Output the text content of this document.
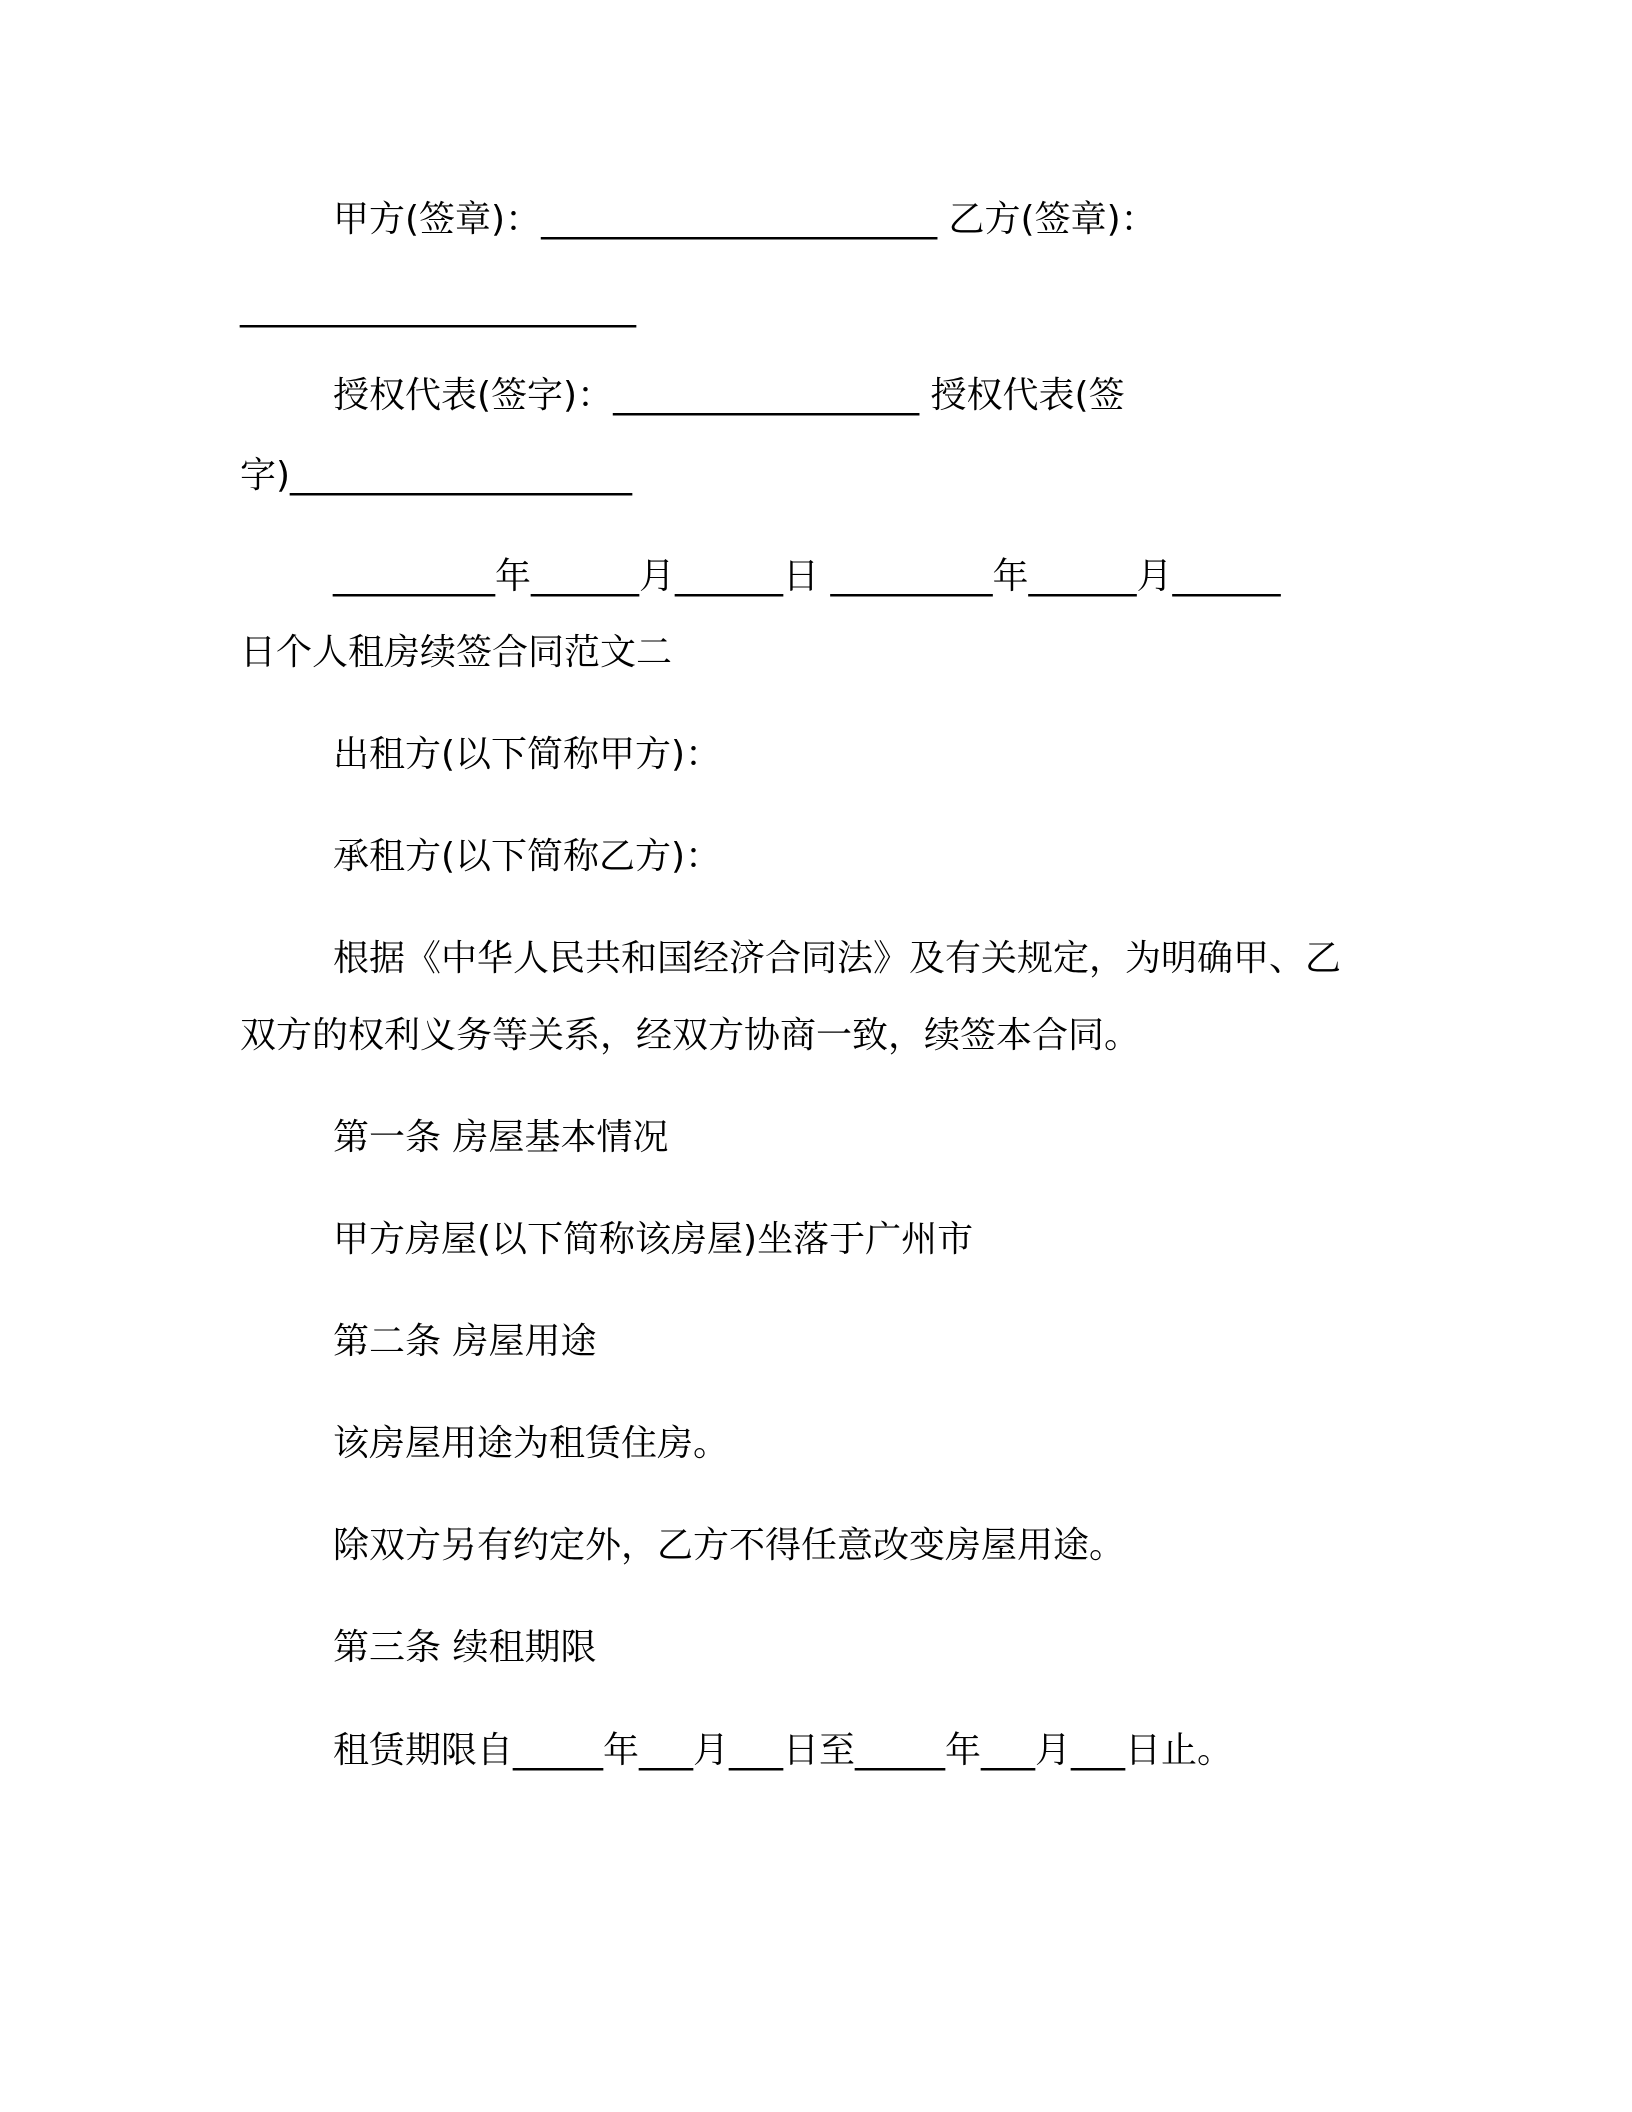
甲方(签章)：______________________ 乙方(签章)：
______________________
授权代表(签字)：_________________ 授权代表(签
字)___________________
_________年______月______日 _________年______月______
日个人租房续签合同范文二
出租方(以下简称甲方)：
承租方(以下简称乙方)：
根据《中华人民共和国经济合同法》及有关规定，为明确甲、乙
双方的权利义务等关系，经双方协商一致，续签本合同。
第一条 房屋基本情况
甲方房屋(以下简称该房屋)坐落于广州市
第二条 房屋用途
该房屋用途为租赁住房。
除双方另有约定外，乙方不得任意改变房屋用途。
第三条 续租期限
租赁期限自_____年___月___日至_____年___月___日止。
